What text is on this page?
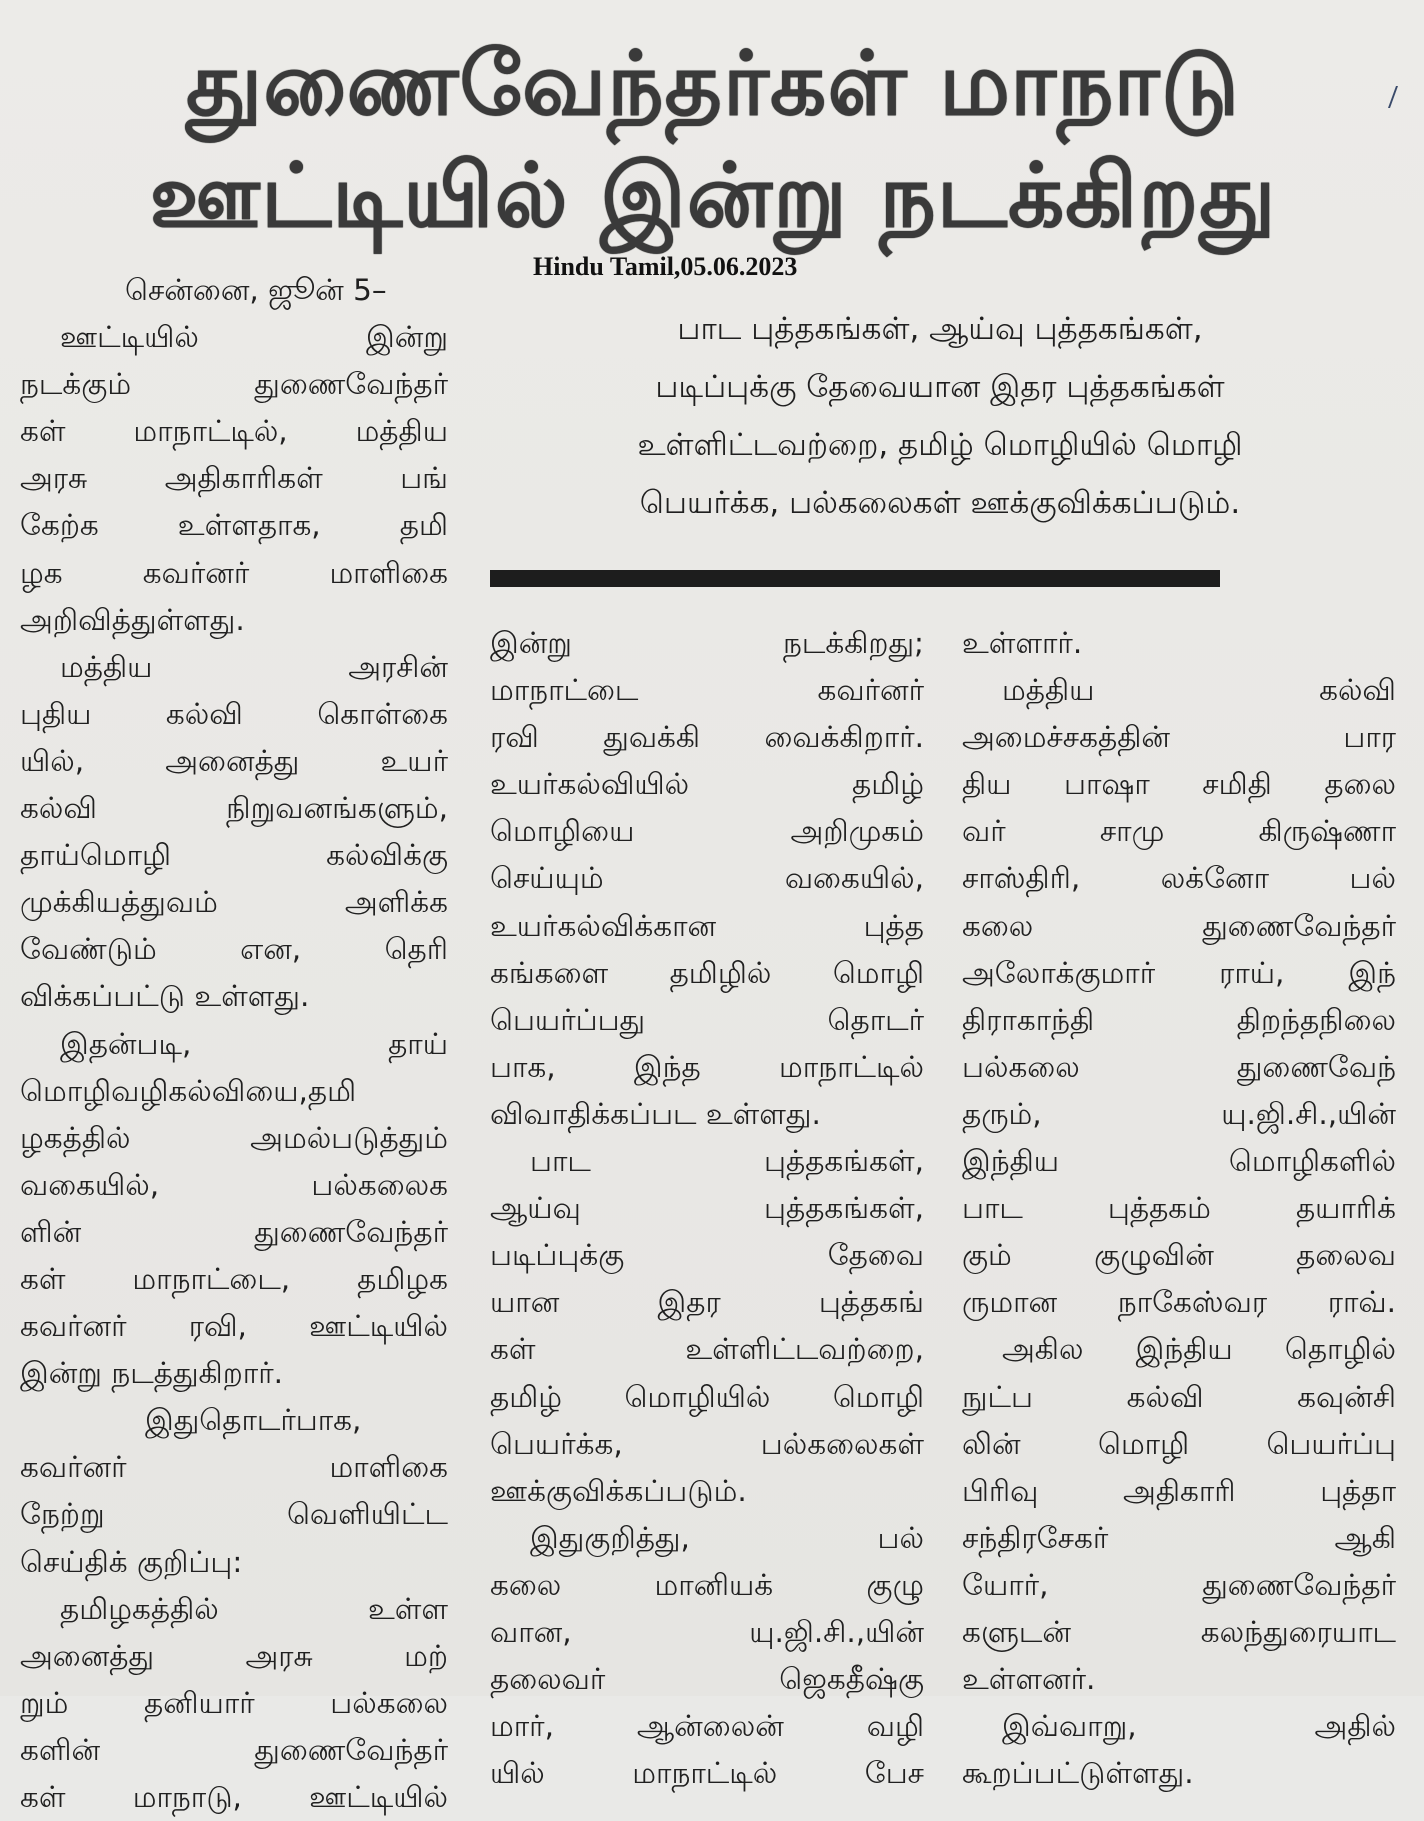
துணைவேந்தர்கள் மாநாடு
ஊட்டியில் இன்று நடக்கிறது
Hindu Tamil,05.06.2023
பாட புத்தகங்கள், ஆய்வு புத்தகங்கள்,
படிப்புக்கு தேவையான இதர புத்தகங்கள்
உள்ளிட்டவற்றை, தமிழ் மொழியில் மொழி
பெயர்க்க, பல்கலைகள் ஊக்குவிக்கப்படும்.
சென்னை, ஜூன் 5–
ஊட்டியில் இன்று
நடக்கும் துணைவேந்தர்
கள் மாநாட்டில், மத்திய
அரசு அதிகாரிகள் பங்
கேற்க உள்ளதாக, தமி
ழக கவர்னர் மாளிகை
அறிவித்துள்ளது.
மத்திய அரசின்
புதிய கல்வி கொள்கை
யில், அனைத்து உயர்
கல்வி நிறுவனங்களும்,
தாய்மொழி கல்விக்கு
முக்கியத்துவம் அளிக்க
வேண்டும் என, தெரி
விக்கப்பட்டு உள்ளது.
இதன்படி, தாய்
மொழிவழிகல்வியை,தமி
ழகத்தில் அமல்படுத்தும்
வகையில், பல்கலைக
ளின் துணைவேந்தர்
கள் மாநாட்டை, தமிழக
கவர்னர் ரவி, ஊட்டியில்
இன்று நடத்துகிறார்.
இதுதொடர்பாக,
கவர்னர் மாளிகை
நேற்று வெளியிட்ட
செய்திக் குறிப்பு:
தமிழகத்தில் உள்ள
அனைத்து அரசு மற்
றும் தனியார் பல்கலை
களின் துணைவேந்தர்
கள் மாநாடு, ஊட்டியில்
இன்று நடக்கிறது;
மாநாட்டை கவர்னர்
ரவி துவக்கி வைக்கிறார்.
உயர்கல்வியில் தமிழ்
மொழியை அறிமுகம்
செய்யும் வகையில்,
உயர்கல்விக்கான புத்த
கங்களை தமிழில் மொழி
பெயர்ப்பது தொடர்
பாக, இந்த மாநாட்டில்
விவாதிக்கப்பட உள்ளது.
பாட புத்தகங்கள்,
ஆய்வு புத்தகங்கள்,
படிப்புக்கு தேவை
யான இதர புத்தகங்
கள் உள்ளிட்டவற்றை,
தமிழ் மொழியில் மொழி
பெயர்க்க, பல்கலைகள்
ஊக்குவிக்கப்படும்.
இதுகுறித்து, பல்
கலை மானியக் குழு
வான, யு.ஜி.சி.,யின்
தலைவர் ஜெகதீஷ்கு
மார், ஆன்லைன் வழி
யில் மாநாட்டில் பேச
உள்ளார்.
மத்திய கல்வி
அமைச்சகத்தின் பார
திய பாஷா சமிதி தலை
வர் சாமு கிருஷ்ணா
சாஸ்திரி, லக்னோ பல்
கலை துணைவேந்தர்
அலோக்குமார் ராய், இந்
திராகாந்தி திறந்தநிலை
பல்கலை துணைவேந்
தரும், யு.ஜி.சி.,யின்
இந்திய மொழிகளில்
பாட புத்தகம் தயாரிக்
கும் குழுவின் தலைவ
ருமான நாகேஸ்வர ராவ்.
அகில இந்திய தொழில்
நுட்ப கல்வி கவுன்சி
லின் மொழி பெயர்ப்பு
பிரிவு அதிகாரி புத்தா
சந்திரசேகர் ஆகி
யோர், துணைவேந்தர்
களுடன் கலந்துரையாட
உள்ளனர்.
இவ்வாறு, அதில்
கூறப்பட்டுள்ளது.
